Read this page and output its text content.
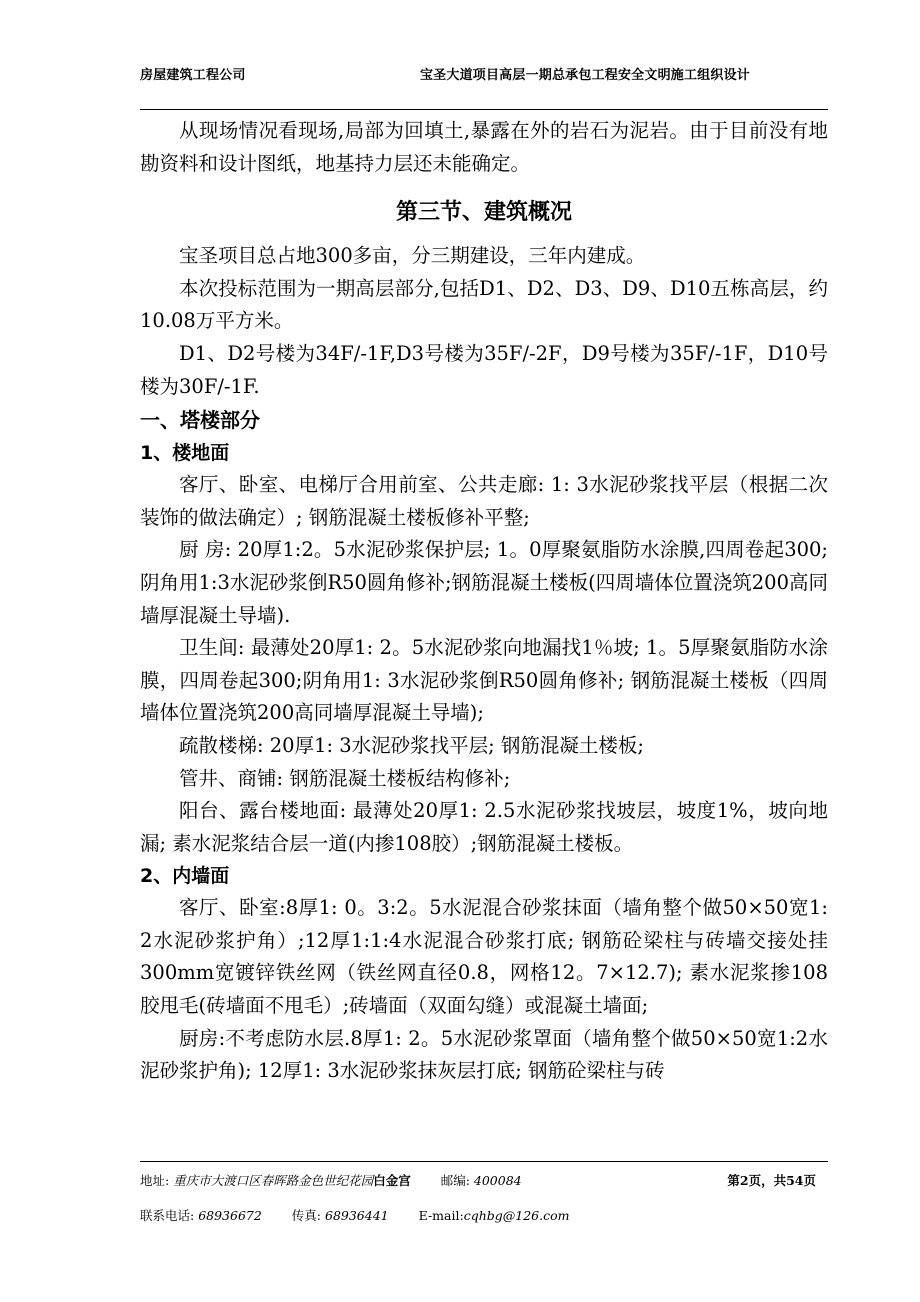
房屋建筑工程公司	宝圣大道项目高层一期总承包工程安全文明施工组织设计

从现场情况看现场,局部为回填土,暴露在外的岩石为泥岩。由于目前没有地勘资料和设计图纸，地基持力层还未能确定。

第三节、建筑概况

宝圣项目总占地300多亩，分三期建设，三年内建成。

本次投标范围为一期高层部分,包括D1、D2、D3、D9、D10五栋高层，约10.08万平方米。

D1、D2号楼为34F/-1F,D3号楼为35F/-2F，D9号楼为35F/-1F，D10号楼为30F/-1F.

一、塔楼部分
1、楼地面

客厅、卧室、电梯厅合用前室、公共走廊: 1: 3水泥砂浆找平层（根据二次装饰的做法确定）; 钢筋混凝土楼板修补平整;

厨 房: 20厚1:2。5水泥砂浆保护层; 1。0厚聚氨脂防水涂膜,四周卷起300;阴角用1:3水泥砂浆倒R50圆角修补;钢筋混凝土楼板(四周墙体位置浇筑200高同墙厚混凝土导墙).

卫生间: 最薄处20厚1: 2。5水泥砂浆向地漏找1％坡; 1。5厚聚氨脂防水涂膜，四周卷起300;阴角用1: 3水泥砂浆倒R50圆角修补; 钢筋混凝土楼板（四周墙体位置浇筑200高同墙厚混凝土导墙);

疏散楼梯: 20厚1: 3水泥砂浆找平层; 钢筋混凝土楼板;

管井、商铺: 钢筋混凝土楼板结构修补;

阳台、露台楼地面: 最薄处20厚1: 2.5水泥砂浆找坡层，坡度1%，坡向地漏; 素水泥浆结合层一道(内掺108胶）;钢筋混凝土楼板。

2、内墙面

客厅、卧室:8厚1: 0。3:2。5水泥混合砂浆抹面（墙角整个做50×50宽1: 2水泥砂浆护角）;12厚1:1:4水泥混合砂浆打底; 钢筋砼梁柱与砖墙交接处挂300mm宽镀锌铁丝网（铁丝网直径0.8，网格12。7×12.7); 素水泥浆掺108胶甩毛(砖墙面不甩毛）;砖墙面（双面勾缝）或混凝土墙面;

厨房:不考虑防水层.8厚1: 2。5水泥砂浆罩面（墙角整个做50×50宽1:2水泥砂浆护角); 12厚1: 3水泥砂浆抹灰层打底; 钢筋砼梁柱与砖

地址: 重庆市大渡口区春晖路金色世纪花园白金宫 邮编: 400084	第2页，共54页
联系电话: 68936672 传真: 68936441 E-mail:cqhbg@126.com
